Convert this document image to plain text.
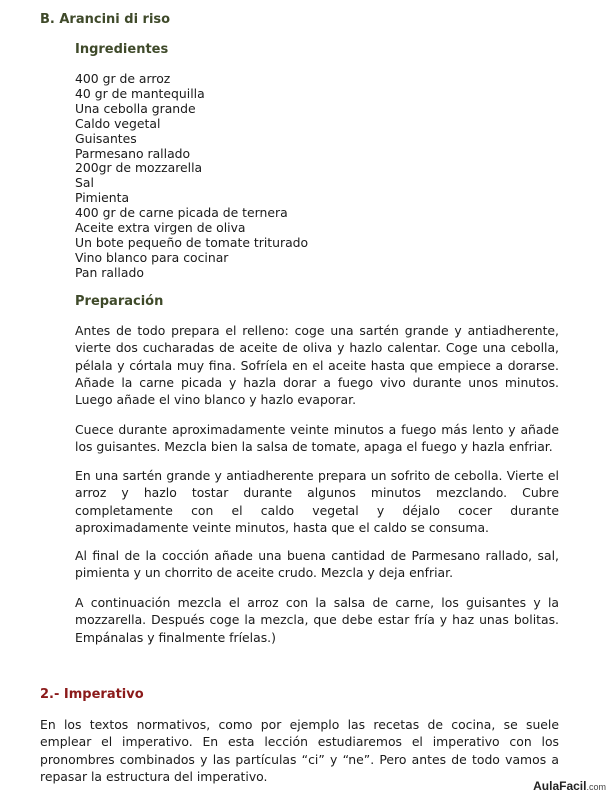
B. Arancini di riso
Ingredientes
400 gr de arroz
40 gr de mantequilla
Una cebolla grande
Caldo vegetal
Guisantes
Parmesano rallado
200gr de mozzarella
Sal
Pimienta
400 gr de carne picada de ternera
Aceite extra virgen de oliva
Un bote pequeño de tomate triturado
Vino blanco para cocinar
Pan rallado
Preparación

Antes de todo prepara el relleno: coge una sartén grande y antiadherente, vierte dos cucharadas de aceite de oliva y hazlo calentar. Coge una cebolla, pélala y córtala muy fina. Sofríela en el aceite hasta que empiece a dorarse. Añade la carne picada y hazla dorar a fuego vivo durante unos minutos. Luego añade el vino blanco y hazlo evaporar.

Cuece durante aproximadamente veinte minutos a fuego más lento y añade los guisantes. Mezcla bien la salsa de tomate, apaga el fuego y hazla enfriar.

En una sartén grande y antiadherente prepara un sofrito de cebolla. Vierte el arroz y hazlo tostar durante algunos minutos mezclando. Cubre completamente con el caldo vegetal y déjalo cocer durante aproximadamente veinte minutos, hasta que el caldo se consuma.

Al final de la cocción añade una buena cantidad de Parmesano rallado, sal, pimienta y un chorrito de aceite crudo. Mezcla y deja enfriar.

A continuación mezcla el arroz con la salsa de carne, los guisantes y la mozzarella. Después coge la mezcla, que debe estar fría y haz unas bolitas. Empánalas y finalmente fríelas.)

2.- Imperativo

En los textos normativos, como por ejemplo las recetas de cocina, se suele emplear el imperativo. En esta lección estudiaremos el imperativo con los pronombres combinados y las partículas “ci” y “ne”. Pero antes de todo vamos a repasar la estructura del imperativo.

AulaFacil.com
